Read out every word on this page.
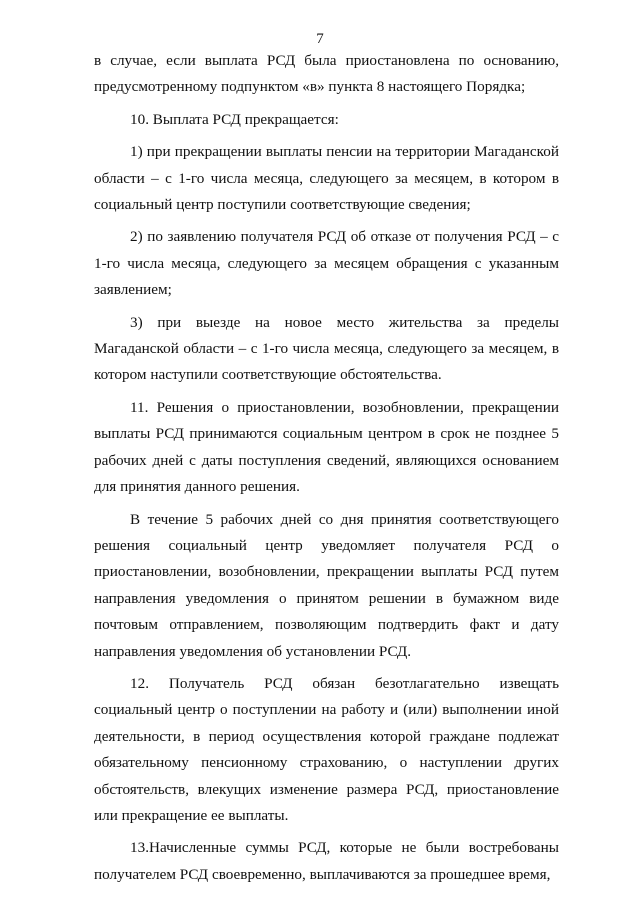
7

в случае, если выплата РСД была приостановлена по основанию, предусмотренному подпунктом «в» пункта 8 настоящего Порядка;

10. Выплата РСД прекращается:

1) при прекращении выплаты пенсии на территории Магаданской области – с 1-го числа месяца, следующего за месяцем, в котором в социальный центр поступили соответствующие сведения;

2) по заявлению получателя РСД об отказе от получения РСД – с 1-го числа месяца, следующего за месяцем обращения с указанным заявлением;

3) при выезде на новое место жительства за пределы Магаданской области – с 1-го числа месяца, следующего за месяцем, в котором наступили соответствующие обстоятельства.

11. Решения о приостановлении, возобновлении, прекращении выплаты РСД принимаются социальным центром в срок не позднее 5 рабочих дней с даты поступления сведений, являющихся основанием для принятия данного решения.

В течение 5 рабочих дней со дня принятия соответствующего решения социальный центр уведомляет получателя РСД о приостановлении, возобновлении, прекращении выплаты РСД путем направления уведомления о принятом решении в бумажном виде почтовым отправлением, позволяющим подтвердить факт и дату направления уведомления об установлении РСД.

12. Получатель РСД обязан безотлагательно извещать социальный центр о поступлении на работу и (или) выполнении иной деятельности, в период осуществления которой граждане подлежат обязательному пенсионному страхованию, о наступлении других обстоятельств, влекущих изменение размера РСД, приостановление или прекращение ее выплаты.

13.Начисленные суммы РСД, которые не были востребованы получателем РСД своевременно, выплачиваются за прошедшее время,
